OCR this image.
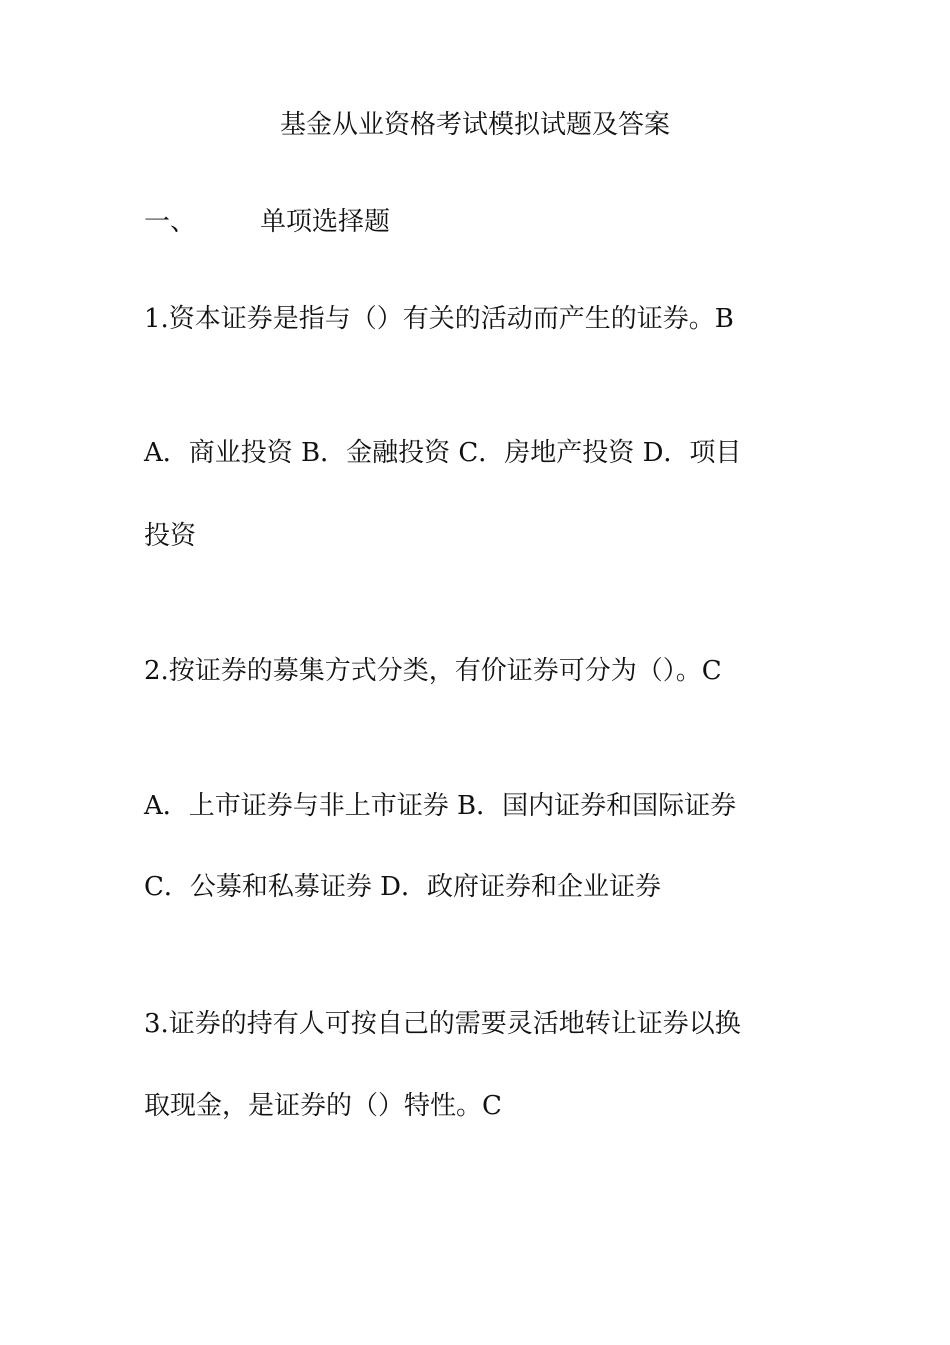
基金从业资格考试模拟试题及答案
一、 单项选择题
1.资本证券是指与（）有关的活动而产生的证券。B
A．商业投资 B．金融投资 C．房地产投资 D．项目
投资
2.按证券的募集方式分类，有价证券可分为（）。C
A．上市证券与非上市证券 B．国内证券和国际证券
C．公募和私募证券 D．政府证券和企业证券
3.证券的持有人可按自己的需要灵活地转让证券以换
取现金，是证券的（）特性。C
